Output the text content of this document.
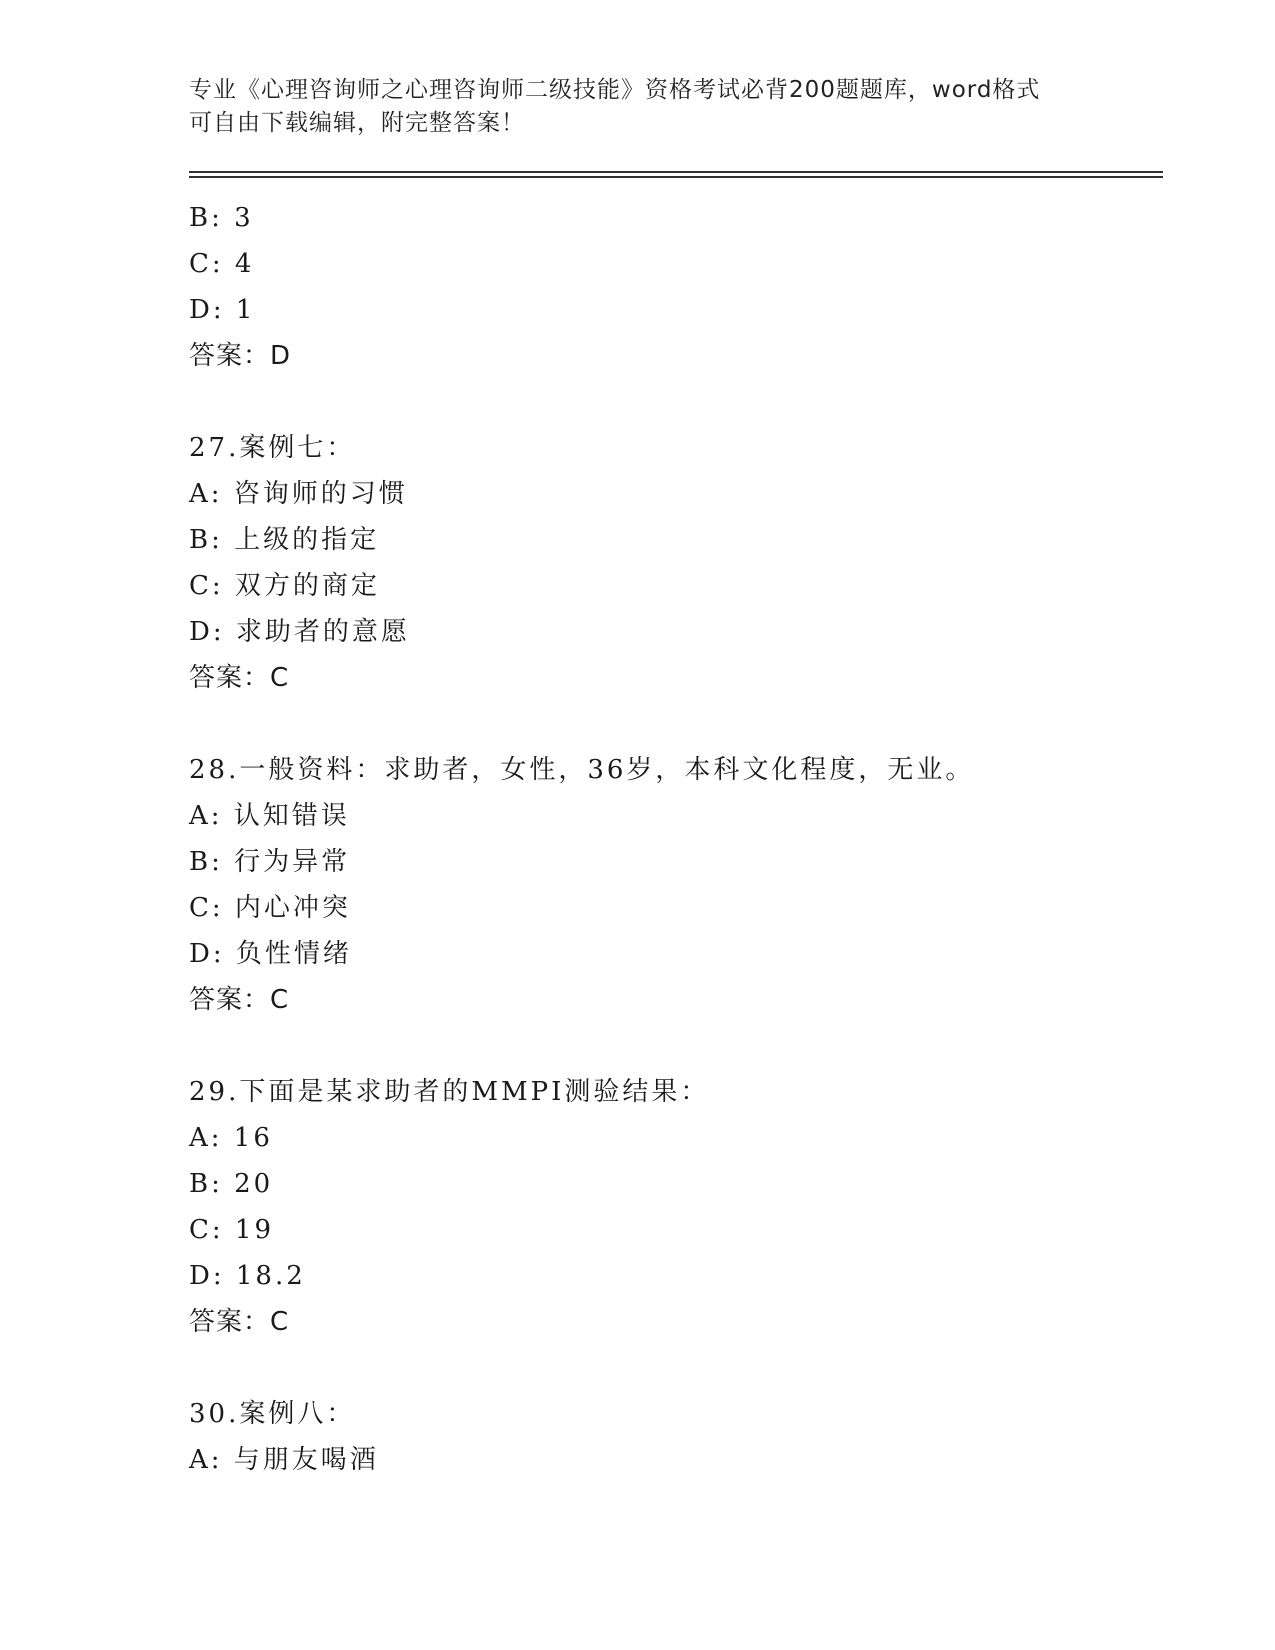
专业《心理咨询师之心理咨询师二级技能》资格考试必背200题题库，word格式
可自由下载编辑，附完整答案！
B: 3
C: 4
D: 1
答案：D
27.案例七：
A: 咨询师的习惯
B: 上级的指定
C: 双方的商定
D: 求助者的意愿
答案：C
28.一般资料：求助者，女性，36岁，本科文化程度，无业。
A: 认知错误
B: 行为异常
C: 内心冲突
D: 负性情绪
答案：C
29.下面是某求助者的MMPI测验结果：
A: 16
B: 20
C: 19
D: 18.2
答案：C
30.案例八：
A: 与朋友喝酒
